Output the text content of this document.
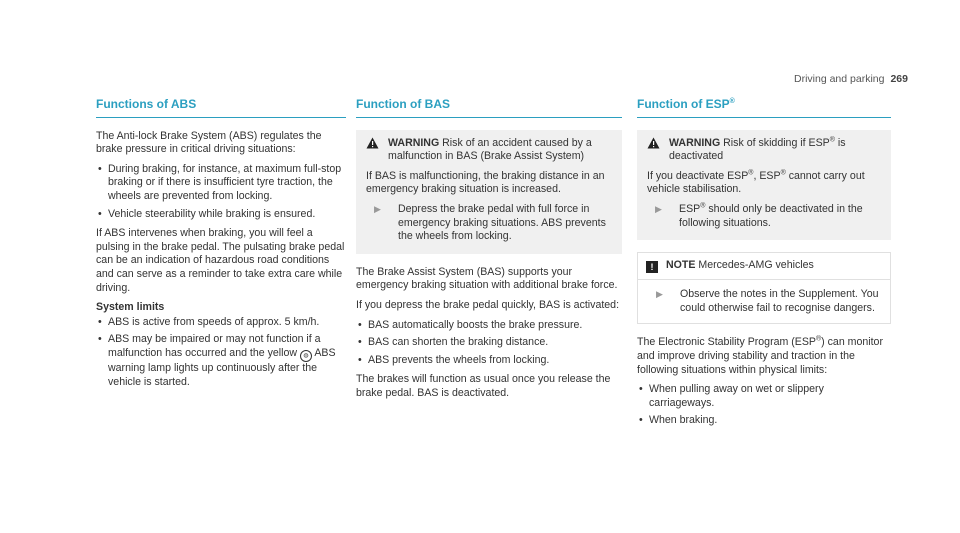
Driving and parking 269
Functions of ABS

The Anti-lock Brake System (ABS) regulates the brake pressure in critical driving situations:

• During braking, for instance, at maximum full-stop braking or if there is insufficient tyre traction, the wheels are prevented from locking.
• Vehicle steerability while braking is ensured.

If ABS intervenes when braking, you will feel a pulsing in the brake pedal. The pulsating brake pedal can be an indication of hazardous road conditions and can serve as a reminder to take extra care while driving.

System limits
• ABS is active from speeds of approx. 5 km/h.
• ABS may be impaired or may not function if a malfunction has occurred and the yellow ◍ ABS warning lamp lights up continuously after the vehicle is started.
Function of BAS
WARNING Risk of an accident caused by a malfunction in BAS (Brake Assist System)

If BAS is malfunctioning, the braking distance in an emergency braking situation is increased.

▶	Depress the brake pedal with full force in emergency braking situations. ABS prevents the wheels from locking.

The Brake Assist System (BAS) supports your emergency braking situation with additional brake force.

If you depress the brake pedal quickly, BAS is activated:

• BAS automatically boosts the brake pressure.
• BAS can shorten the braking distance.
• ABS prevents the wheels from locking.

The brakes will function as usual once you release the brake pedal. BAS is deactivated.

Function of ESP®
WARNING Risk of skidding if ESP® is deactivated

If you deactivate ESP®, ESP® cannot carry out vehicle stabilisation.

▶	ESP® should only be deactivated in the following situations.
! NOTE Mercedes-AMG vehicles
▶	Observe the notes in the Supplement. You could otherwise fail to recognise dangers.

The Electronic Stability Program (ESP®) can monitor and improve driving stability and traction in the following situations within physical limits:

• When pulling away on wet or slippery carriageways.
• When braking.
